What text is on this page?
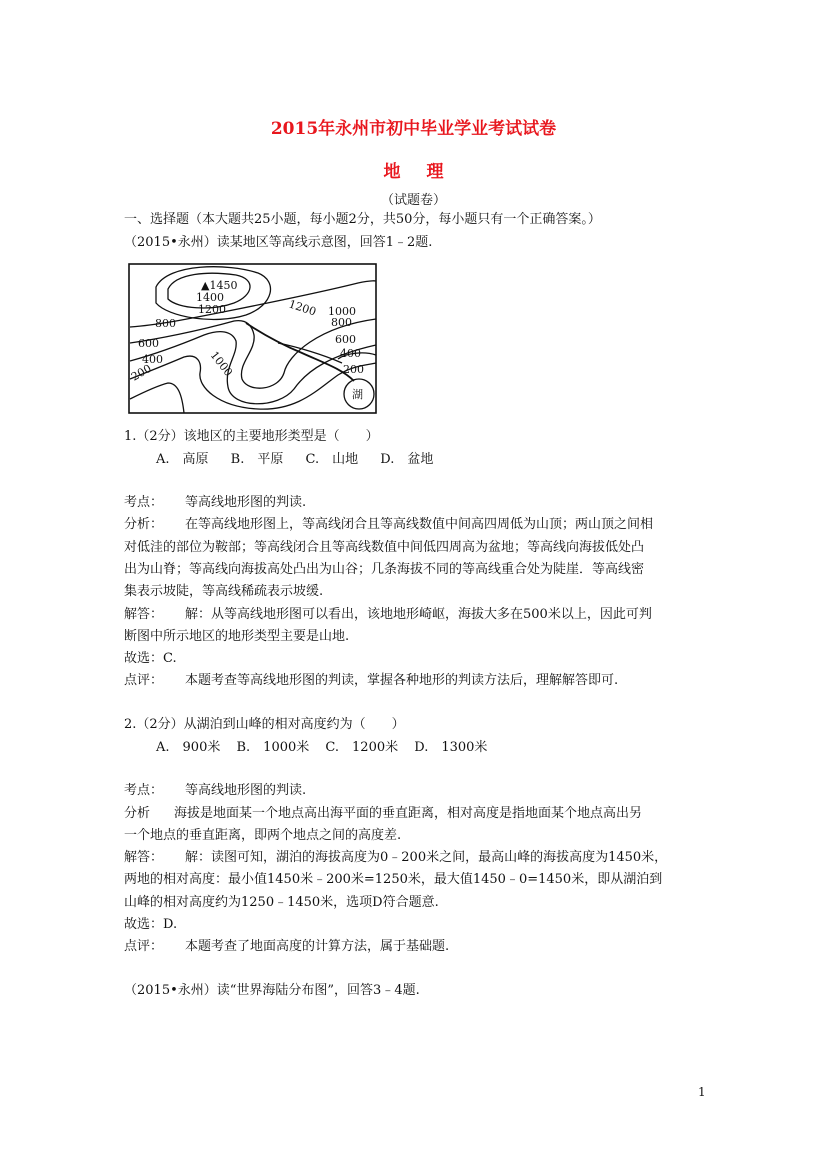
2015年永州市初中毕业学业考试试卷
地理
（试题卷）
一、选择题（本大题共25小题，每小题2分，共50分，每小题只有一个正确答案。）
（2015•永州）读某地区等高线示意图，回答1﹣2题.
▲1450
1400
1200	1200 1000
1000
800	800
600	600
400	400
200	200
湖
1.（2分）该地区的主要地形类型是（　　）
A.　高原 B.　平原 C.　山地 D.　盆地
考点： 等高线地形图的判读.
分析： 在等高线地形图上，等高线闭合且等高线数值中间高四周低为山顶；两山顶之间相
对低洼的部位为鞍部；等高线闭合且等高线数值中间低四周高为盆地；等高线向海拔低处凸
出为山脊；等高线向海拔高处凸出为山谷；几条海拔不同的等高线重合处为陡崖．等高线密
集表示坡陡，等高线稀疏表示坡缓.
解答： 解：从等高线地形图可以看出，该地地形崎岖，海拔大多在500米以上，因此可判
断图中所示地区的地形类型主要是山地.
故选：C.
点评： 本题考查等高线地形图的判读，掌握各种地形的判读方法后，理解解答即可.
2.（2分）从湖泊到山峰的相对高度约为（　　）
A.　900米 B.　1000米 C.　1200米 D.　1300米
考点： 等高线地形图的判读.
分析 海拔是地面某一个地点高出海平面的垂直距离，相对高度是指地面某个地点高出另
一个地点的垂直距离，即两个地点之间的高度差.
解答： 解：读图可知，湖泊的海拔高度为0﹣200米之间，最高山峰的海拔高度为1450米，
两地的相对高度：最小值1450米﹣200米=1250米，最大值1450﹣0=1450米，即从湖泊到
山峰的相对高度约为1250﹣1450米，选项D符合题意.
故选：D.
点评： 本题考查了地面高度的计算方法，属于基础题.
（2015•永州）读“世界海陆分布图”，回答3﹣4题.
1
